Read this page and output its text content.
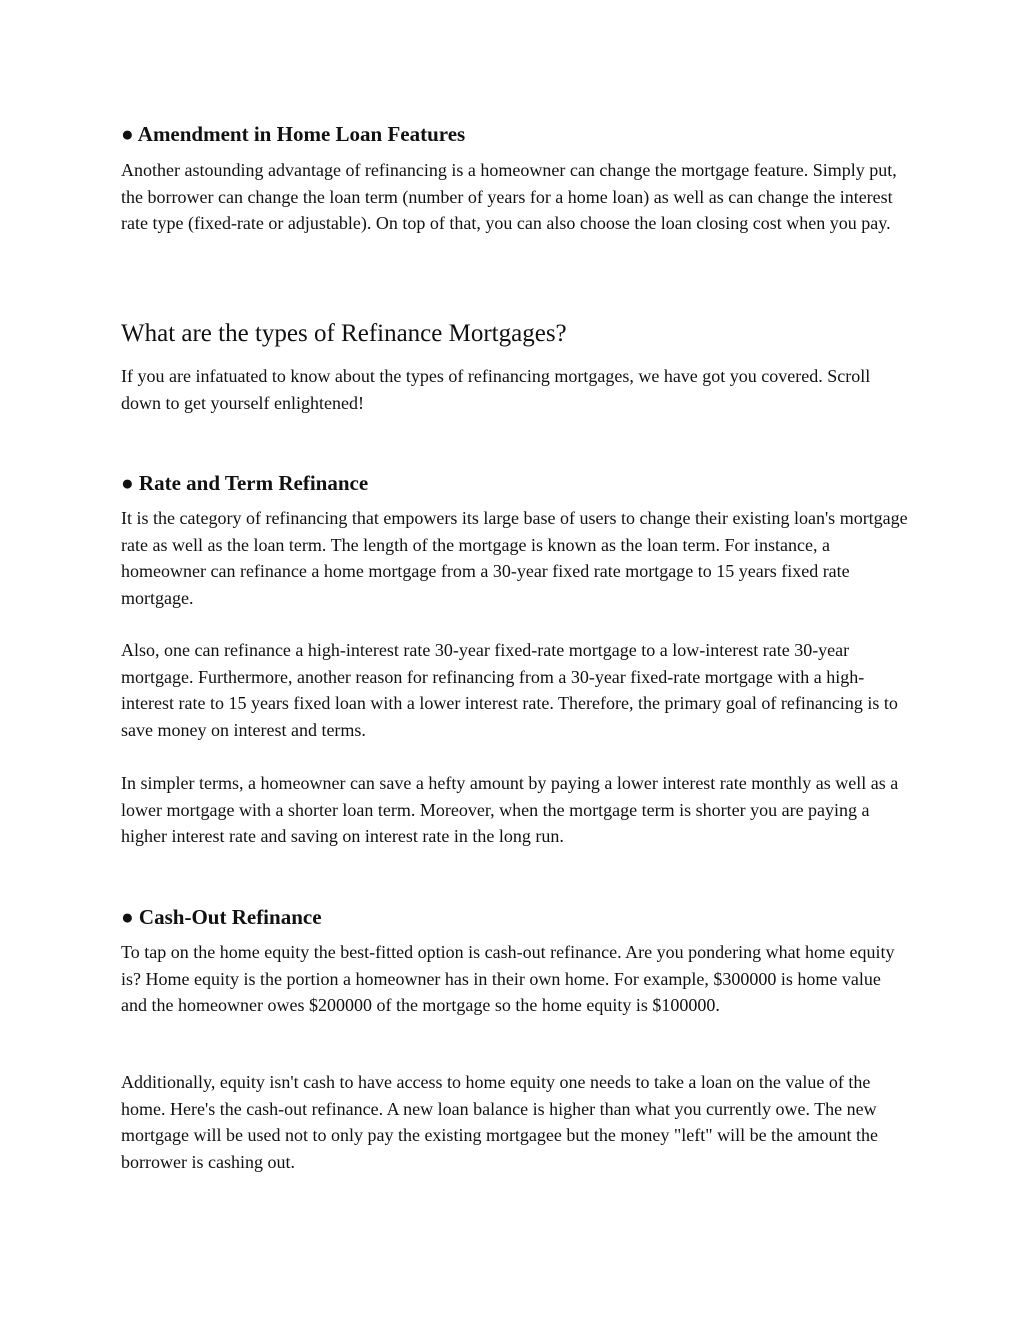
● Amendment in Home Loan Features

Another astounding advantage of refinancing is a homeowner can change the mortgage feature. Simply put, the borrower can change the loan term (number of years for a home loan) as well as can change the interest rate type (fixed-rate or adjustable). On top of that, you can also choose the loan closing cost when you pay.

What are the types of Refinance Mortgages?

If you are infatuated to know about the types of refinancing mortgages, we have got you covered. Scroll down to get yourself enlightened!

● Rate and Term Refinance

It is the category of refinancing that empowers its large base of users to change their existing loan's mortgage rate as well as the loan term. The length of the mortgage is known as the loan term. For instance, a homeowner can refinance a home mortgage from a 30-year fixed rate mortgage to 15 years fixed rate mortgage.

Also, one can refinance a high-interest rate 30-year fixed-rate mortgage to a low-interest rate 30-year mortgage. Furthermore, another reason for refinancing from a 30-year fixed-rate mortgage with a high-interest rate to 15 years fixed loan with a lower interest rate. Therefore, the primary goal of refinancing is to save money on interest and terms.

In simpler terms, a homeowner can save a hefty amount by paying a lower interest rate monthly as well as a lower mortgage with a shorter loan term. Moreover, when the mortgage term is shorter you are paying a higher interest rate and saving on interest rate in the long run.

● Cash-Out Refinance

To tap on the home equity the best-fitted option is cash-out refinance. Are you pondering what home equity is? Home equity is the portion a homeowner has in their own home. For example, $300000 is home value and the homeowner owes $200000 of the mortgage so the home equity is $100000.

Additionally, equity isn't cash to have access to home equity one needs to take a loan on the value of the home. Here's the cash-out refinance. A new loan balance is higher than what you currently owe. The new mortgage will be used not to only pay the existing mortgagee but the money "left" will be the amount the borrower is cashing out.
